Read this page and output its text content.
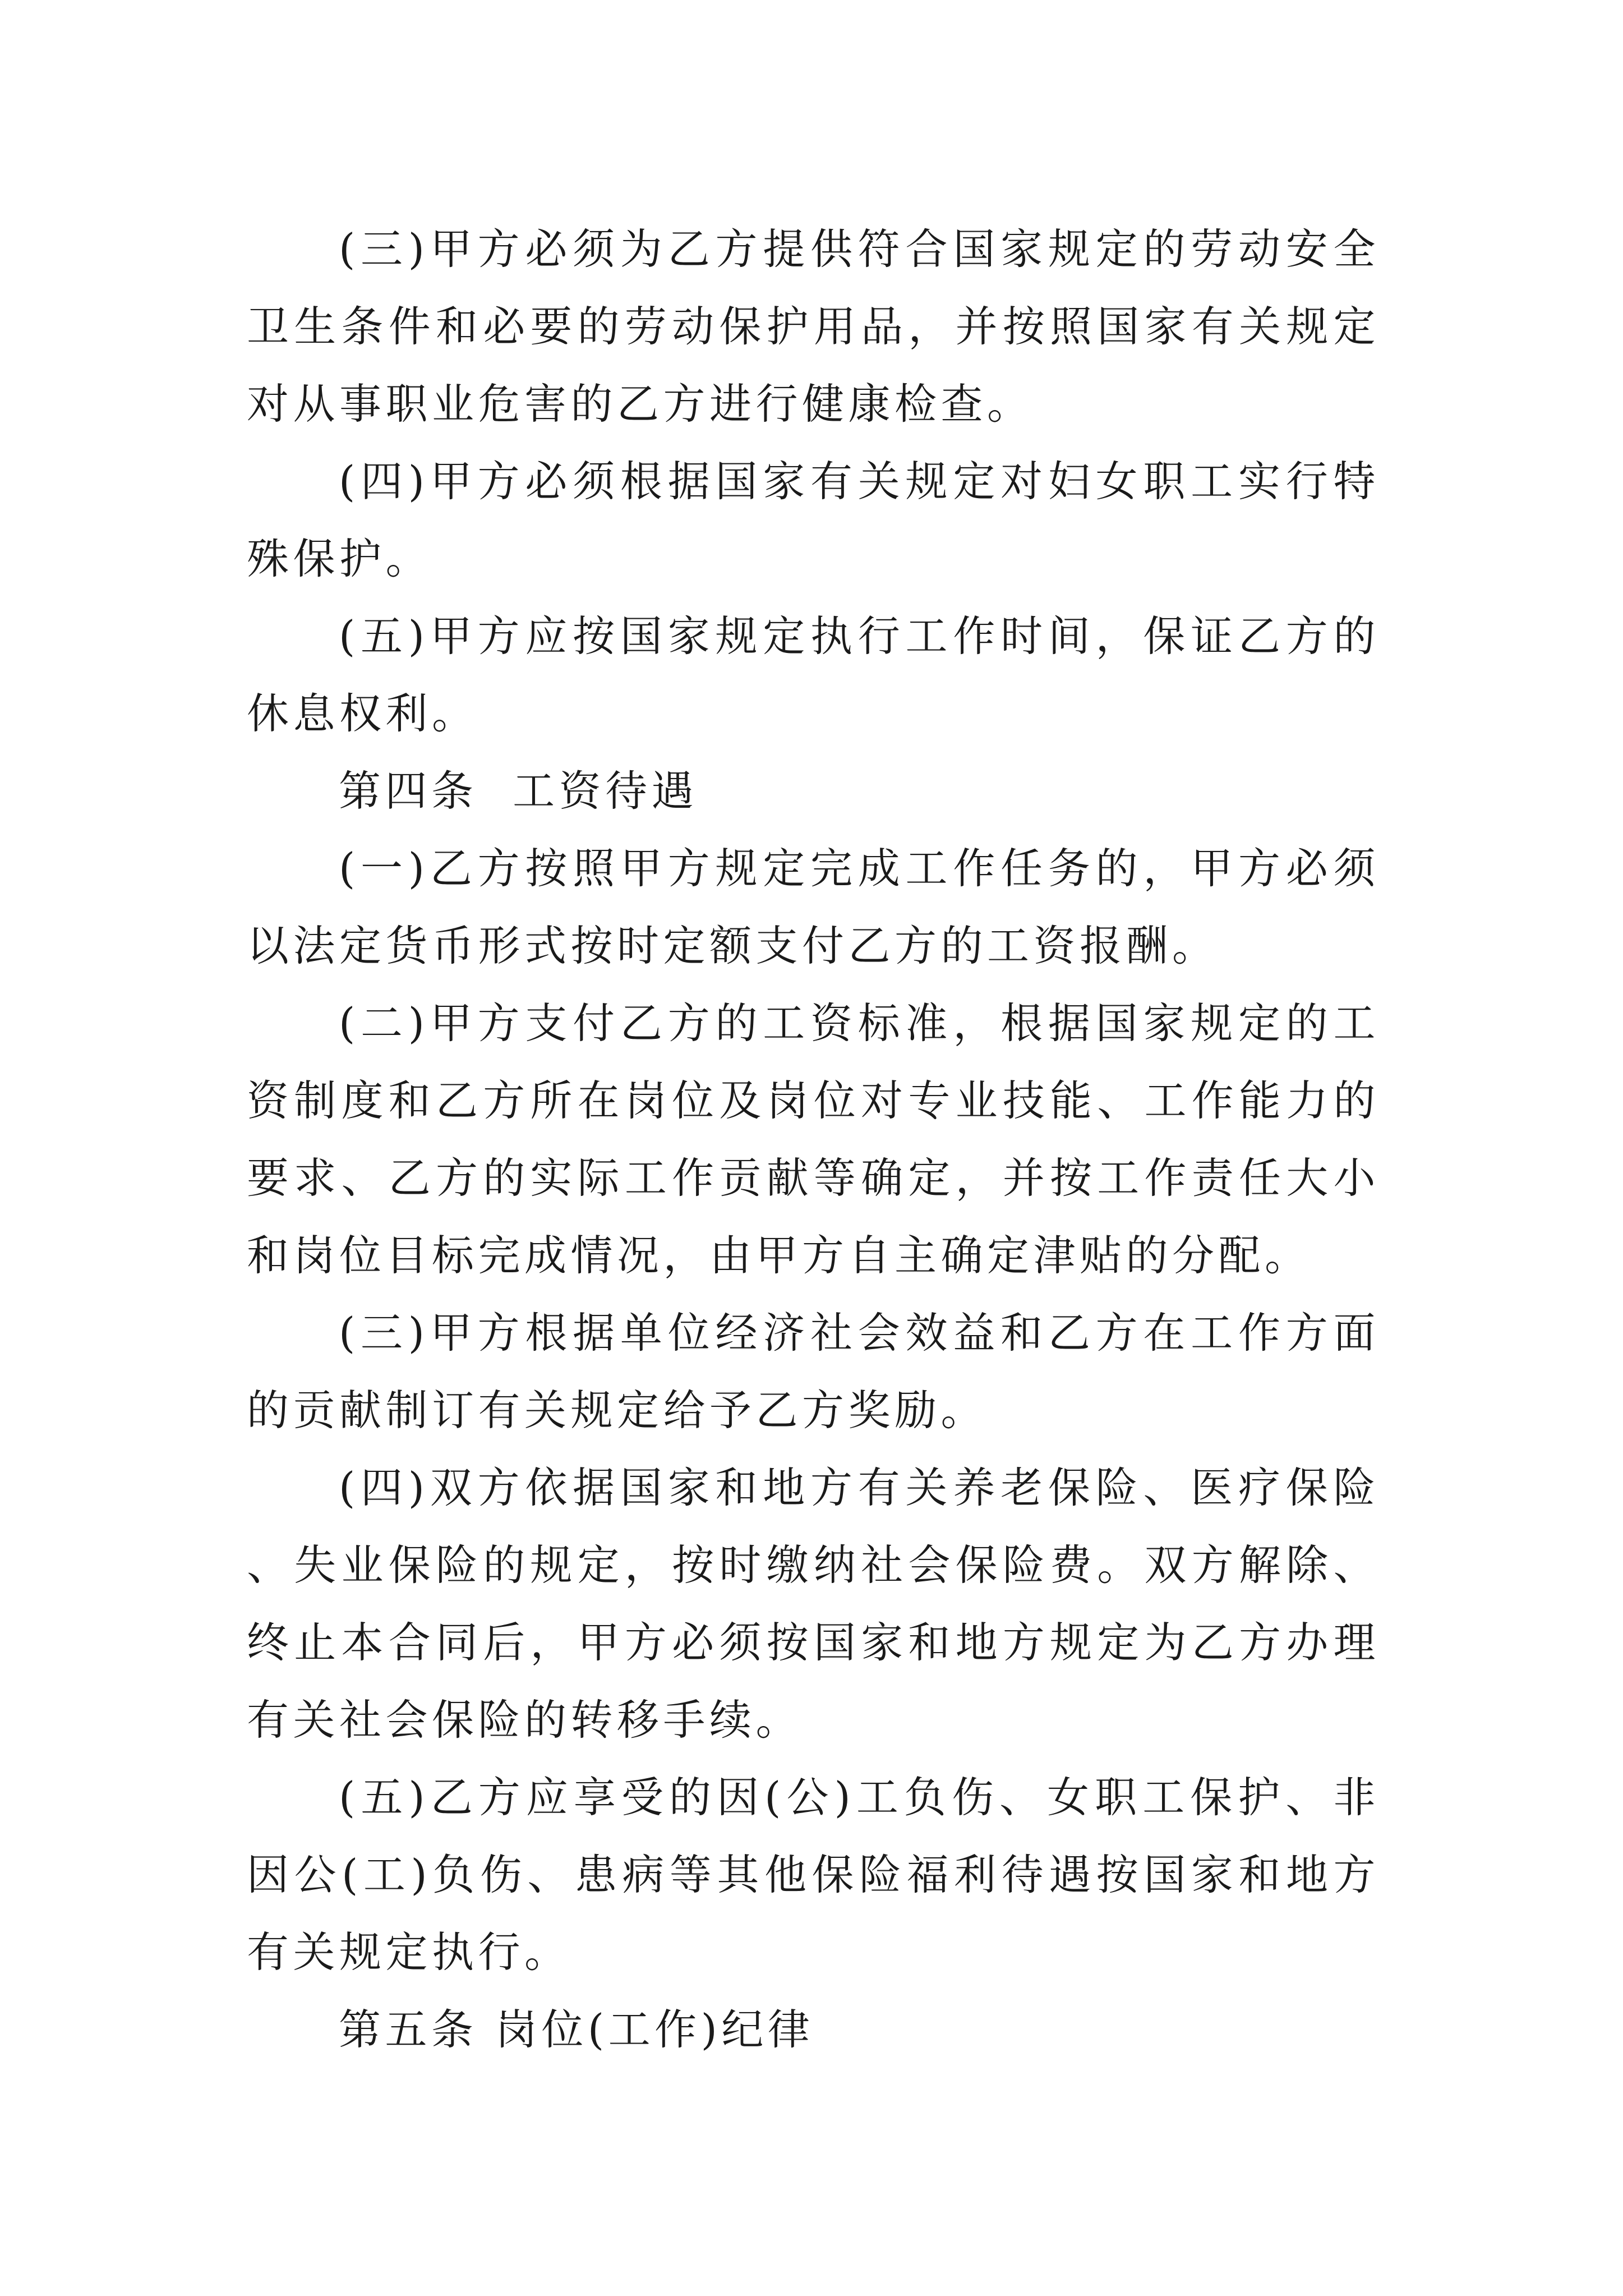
(三)甲方必须为乙方提供符合国家规定的劳动安全卫生条件和必要的劳动保护用品，并按照国家有关规定对从事职业危害的乙方进行健康检查。

(四)甲方必须根据国家有关规定对妇女职工实行特殊保护。

(五)甲方应按国家规定执行工作时间，保证乙方的休息权利。

第四条  工资待遇

(一)乙方按照甲方规定完成工作任务的，甲方必须以法定货币形式按时定额支付乙方的工资报酬。

(二)甲方支付乙方的工资标准，根据国家规定的工资制度和乙方所在岗位及岗位对专业技能、工作能力的要求、乙方的实际工作贡献等确定，并按工作责任大小和岗位目标完成情况，由甲方自主确定津贴的分配。

(三)甲方根据单位经济社会效益和乙方在工作方面的贡献制订有关规定给予乙方奖励。

(四)双方依据国家和地方有关养老保险、医疗保险 、失业保险的规定，按时缴纳社会保险费。双方解除、终止本合同后，甲方必须按国家和地方规定为乙方办理有关社会保险的转移手续。

(五)乙方应享受的因(公)工负伤、女职工保护、非因公(工)负伤、患病等其他保险福利待遇按国家和地方有关规定执行。

第五条 岗位(工作)纪律
